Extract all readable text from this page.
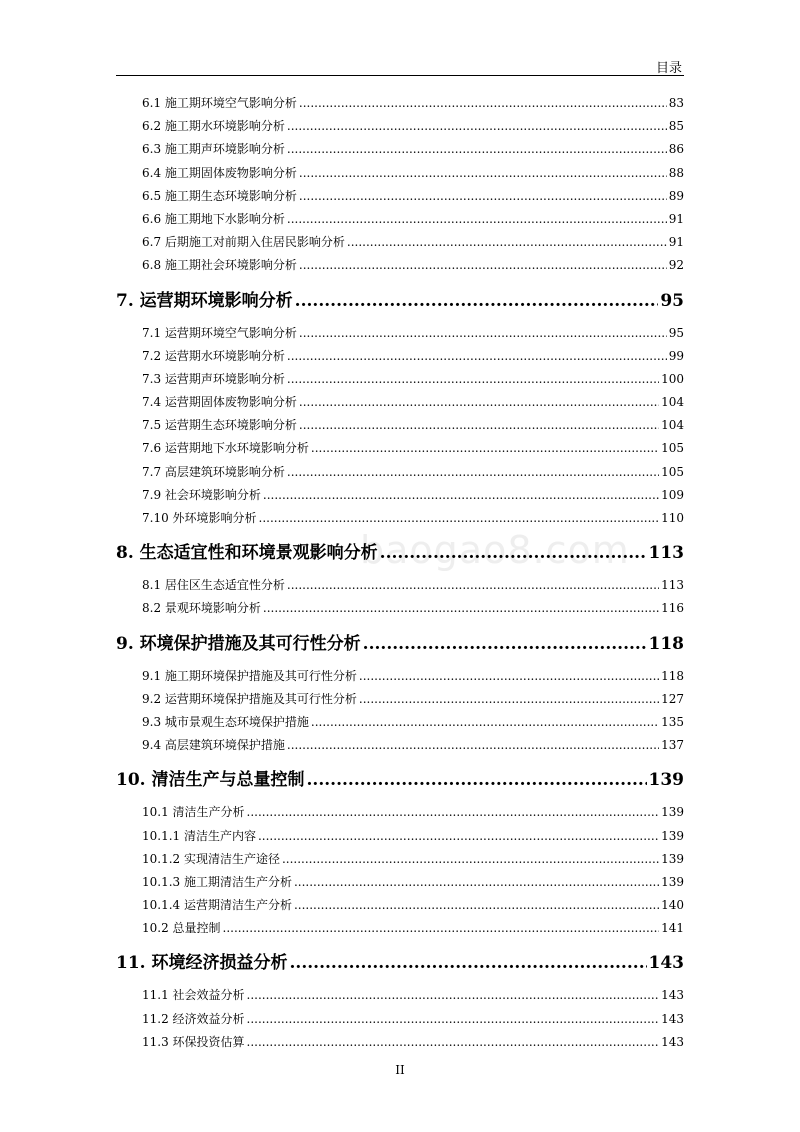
目录
baogao8.com
6.1 施工期环境空气影响分析 .....	83
6.2 施工期水环境影响分析 .....	85
6.3 施工期声环境影响分析 .....	86
6.4 施工期固体废物影响分析 .....	88
6.5 施工期生态环境影响分析 .....	89
6.6 施工期地下水影响分析 .....	91
6.7 后期施工对前期入住居民影响分析 .....	91
6.8 施工期社会环境影响分析 .....	92
7. 运营期环境影响分析 .....	95
7.1 运营期环境空气影响分析 .....	95
7.2 运营期水环境影响分析 .....	99
7.3 运营期声环境影响分析 .....	100
7.4 运营期固体废物影响分析 .....	104
7.5 运营期生态环境影响分析 .....	104
7.6 运营期地下水环境影响分析 .....	105
7.7 高层建筑环境影响分析 .....	105
7.9 社会环境影响分析 .....	109
7.10 外环境影响分析 .....	110
8. 生态适宜性和环境景观影响分析 .....	113
8.1 居住区生态适宜性分析 .....	113
8.2 景观环境影响分析 .....	116
9. 环境保护措施及其可行性分析 .....	118
9.1 施工期环境保护措施及其可行性分析 .....	118
9.2 运营期环境保护措施及其可行性分析 .....	127
9.3 城市景观生态环境保护措施 .....	135
9.4 高层建筑环境保护措施 .....	137
10. 清洁生产与总量控制 .....	139
10.1 清洁生产分析 .....	139
10.1.1 清洁生产内容 .....	139
10.1.2 实现清洁生产途径 .....	139
10.1.3 施工期清洁生产分析 .....	139
10.1.4 运营期清洁生产分析 .....	140
10.2 总量控制 .....	141
11. 环境经济损益分析 .....	143
11.1 社会效益分析 .....	143
11.2 经济效益分析 .....	143
11.3 环保投资估算 .....	143
II
